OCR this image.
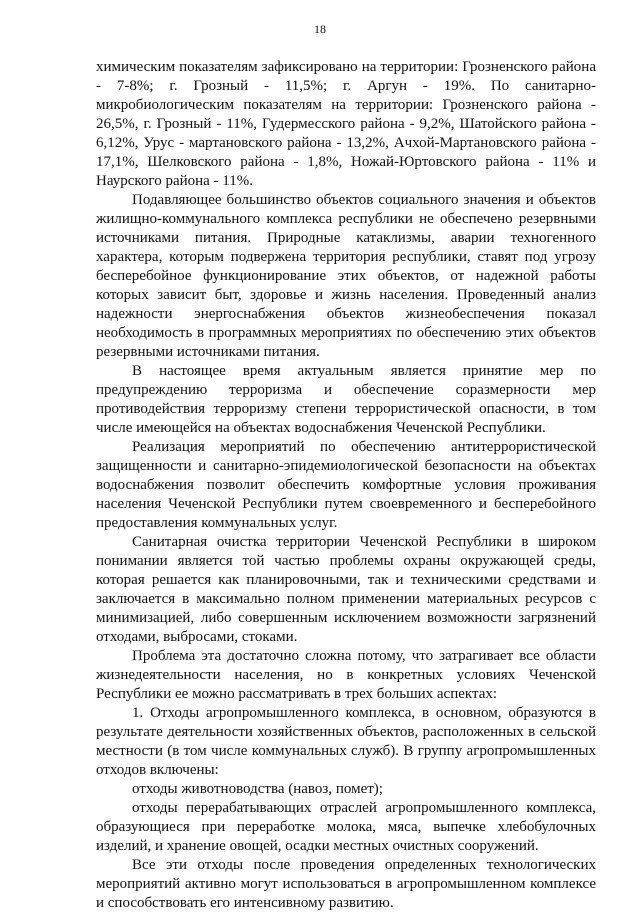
18

химическим показателям зафиксировано на территории: Грозненского района - 7-8%; г. Грозный - 11,5%; г. Аргун - 19%. По санитарно-микробиологическим показателям на территории: Грозненского района - 26,5%, г. Грозный - 11%, Гудермесского района - 9,2%, Шатойского района - 6,12%, Урус - мартановского района - 13,2%, Ачхой-Мартановского района - 17,1%, Шелковского района - 1,8%, Ножай-Юртовского района - 11% и Наурского района - 11%.

Подавляющее большинство объектов социального значения и объектов жилищно-коммунального комплекса республики не обеспечено резервными источниками питания. Природные катаклизмы, аварии техногенного характера, которым подвержена территория республики, ставят под угрозу бесперебойное функционирование этих объектов, от надежной работы которых зависит быт, здоровье и жизнь населения. Проведенный анализ надежности энергоснабжения объектов жизнеобеспечения показал необходимость в программных мероприятиях по обеспечению этих объектов резервными источниками питания.

В настоящее время актуальным является принятие мер по предупреждению терроризма и обеспечение соразмерности мер противодействия терроризму степени террористической опасности, в том числе имеющейся на объектах водоснабжения Чеченской Республики.

Реализация мероприятий по обеспечению антитеррористической защищенности и санитарно-эпидемиологической безопасности на объектах водоснабжения позволит обеспечить комфортные условия проживания населения Чеченской Республики путем своевременного и бесперебойного предоставления коммунальных услуг.

Санитарная очистка территории Чеченской Республики в широком понимании является той частью проблемы охраны окружающей среды, которая решается как планировочными, так и техническими средствами и заключается в максимально полном применении материальных ресурсов с минимизацией, либо совершенным исключением возможности загрязнений отходами, выбросами, стоками.

Проблема эта достаточно сложна потому, что затрагивает все области жизнедеятельности населения, но в конкретных условиях Чеченской Республики ее можно рассматривать в трех больших аспектах:

1. Отходы агропромышленного комплекса, в основном, образуются в результате деятельности хозяйственных объектов, расположенных в сельской местности (в том числе коммунальных служб). В группу агропромышленных отходов включены:

отходы животноводства (навоз, помет);

отходы перерабатывающих отраслей агропромышленного комплекса, образующиеся при переработке молока, мяса, выпечке хлебобулочных изделий, и хранение овощей, осадки местных очистных сооружений.

Все эти отходы после проведения определенных технологических мероприятий активно могут использоваться в агропромышленном комплексе и способствовать его интенсивному развитию.
